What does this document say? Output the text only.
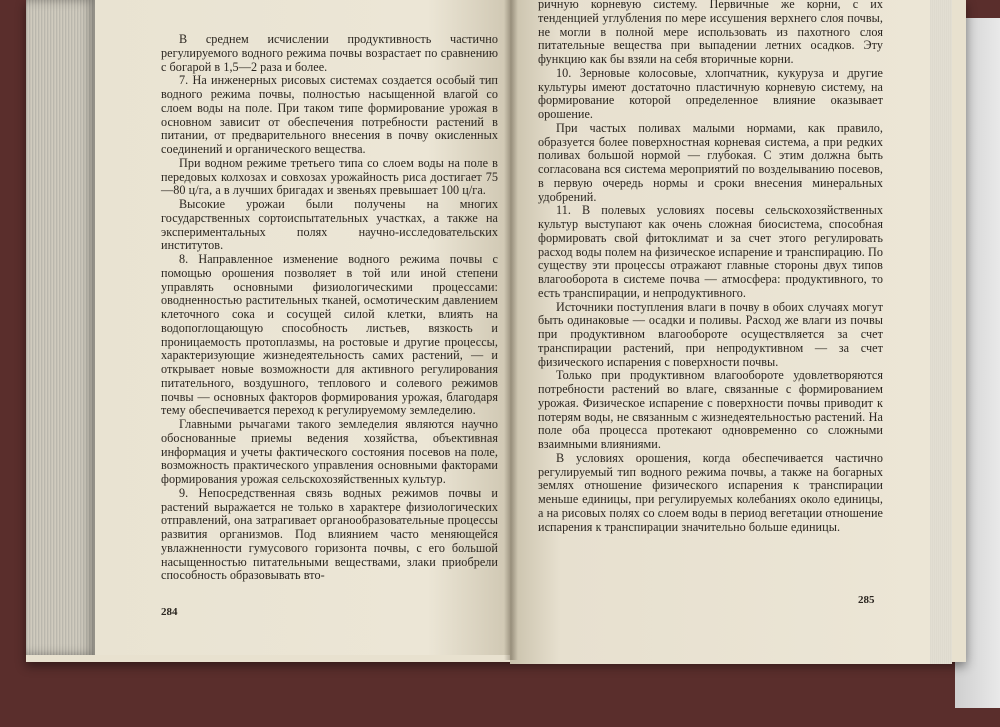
В среднем исчислении продуктивность частично регулируемого водного режима почвы возрастает по сравнению с богарой в 1,5—2 раза и более.

7. На инженерных рисовых системах создается особый тип водного режима почвы, полностью насыщенной влагой со слоем воды на поле. При таком типе формирование урожая в основном зависит от обеспечения потребности растений в питании, от предварительного внесения в почву окисленных соединений и органического вещества.

При водном режиме третьего типа со слоем воды на поле в передовых колхозах и совхозах урожайность риса достигает 75—80 ц/га, а в лучших бригадах и звеньях превышает 100 ц/га.

Высокие урожаи были получены на многих государственных сортоиспытательных участках, а также на экспериментальных полях научно-исследовательских институтов.

8. Направленное изменение водного режима почвы с помощью орошения позволяет в той или иной степени управлять основными физиологическими процессами: оводненностью растительных тканей, осмотическим давлением клеточного сока и сосущей силой клетки, влиять на водопоглощающую способность листьев, вязкость и проницаемость протоплазмы, на ростовые и другие процессы, характеризующие жизнедеятельность самих растений, — и открывает новые возможности для активного регулирования питательного, воздушного, теплового и солевого режимов почвы — основных факторов формирования урожая, благодаря тему обеспечивается переход к регулируемому земледелию.

Главными рычагами такого земледелия являются научно обоснованные приемы ведения хозяйства, объективная информация и учеты фактического состояния посевов на поле, возможность практического управления основными факторами формирования урожая сельскохозяйственных культур.

9. Непосредственная связь водных режимов почвы и растений выражается не только в характере физиологических отправлений, она затрагивает органообразовательные процессы развития организмов. Под влиянием часто меняющейся увлажненности гумусового горизонта почвы, с его большой насыщенностью питательными веществами, злаки приобрели способность образовывать вто-

284

ричную корневую систему. Первичные же корни, с их тенденцией углубления по мере иссушения верхнего слоя почвы, не могли в полной мере использовать из пахотного слоя питательные вещества при выпадении летних осадков. Эту функцию как бы взяли на себя вторичные корни.

10. Зерновые колосовые, хлопчатник, кукуруза и другие культуры имеют достаточно пластичную корневую систему, на формирование которой определенное влияние оказывает орошение.

При частых поливах малыми нормами, как правило, образуется более поверхностная корневая система, а при редких поливах большой нормой — глубокая. С этим должна быть согласована вся система мероприятий по возделыванию посевов, в первую очередь нормы и сроки внесения минеральных удобрений.

11. В полевых условиях посевы сельскохозяйственных культур выступают как очень сложная биосистема, способная формировать свой фитоклимат и за счет этого регулировать расход воды полем на физическое испарение и транспирацию. По существу эти процессы отражают главные стороны двух типов влагооборота в системе почва — атмосфера: продуктивного, то есть транспирации, и непродуктивного.

Источники поступления влаги в почву в обоих случаях могут быть одинаковые — осадки и поливы. Расход же влаги из почвы при продуктивном влагообороте осуществляется за счет транспирации растений, при непродуктивном — за счет физического испарения с поверхности почвы.

Только при продуктивном влагообороте удовлетворяются потребности растений во влаге, связанные с формированием урожая. Физическое испарение с поверхности почвы приводит к потерям воды, не связанным с жизнедеятельностью растений. На поле оба процесса протекают одновременно со сложными взаимными влияниями.

В условиях орошения, когда обеспечивается частично регулируемый тип водного режима почвы, а также на богарных землях отношение физического испарения к транспирации меньше единицы, при регулируемых колебаниях около единицы, а на рисовых полях со слоем воды в период вегетации отношение испарения к транспирации значительно больше единицы.

285
